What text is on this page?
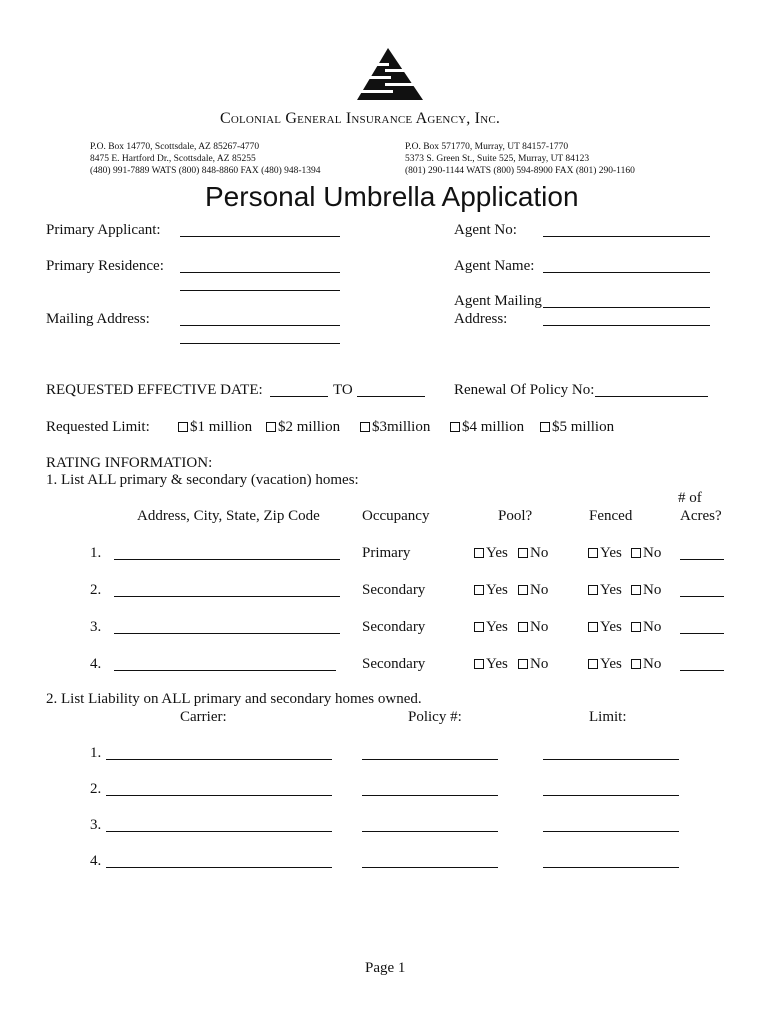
Colonial General Insurance Agency, Inc.
P.O. Box 14770, Scottsdale, AZ 85267-4770
8475 E. Hartford Dr., Scottsdale, AZ 85255
(480) 991-7889 WATS (800) 848-8860 FAX (480) 948-1394
P.O. Box 571770, Murray, UT 84157-1770
5373 S. Green St., Suite 525, Murray, UT 84123
(801) 290-1144 WATS (800) 594-8900 FAX (801) 290-1160
Personal Umbrella Application
Primary Applicant:	Agent No:
Primary Residence:	Agent Name:
Agent Mailing
Address:
Mailing Address:
REQUESTED EFFECTIVE DATE:	TO	Renewal Of Policy No:
Requested Limit:	$1 million	$2 million	$3million	$4 million	$5 million
RATING INFORMATION:
1. List ALL primary & secondary (vacation) homes:
# of
Address, City, State, Zip Code	Occupancy	Pool?	Fenced	Acres?
1.	Primary	Yes	No	Yes	No
2.	Secondary	Yes	No	Yes	No
3.	Secondary	Yes	No	Yes	No
4.	Secondary	Yes	No	Yes	No
2. List Liability on ALL primary and secondary homes owned.
Carrier:	Policy #:	Limit:
1.
2.
3.
4.
Page 1
